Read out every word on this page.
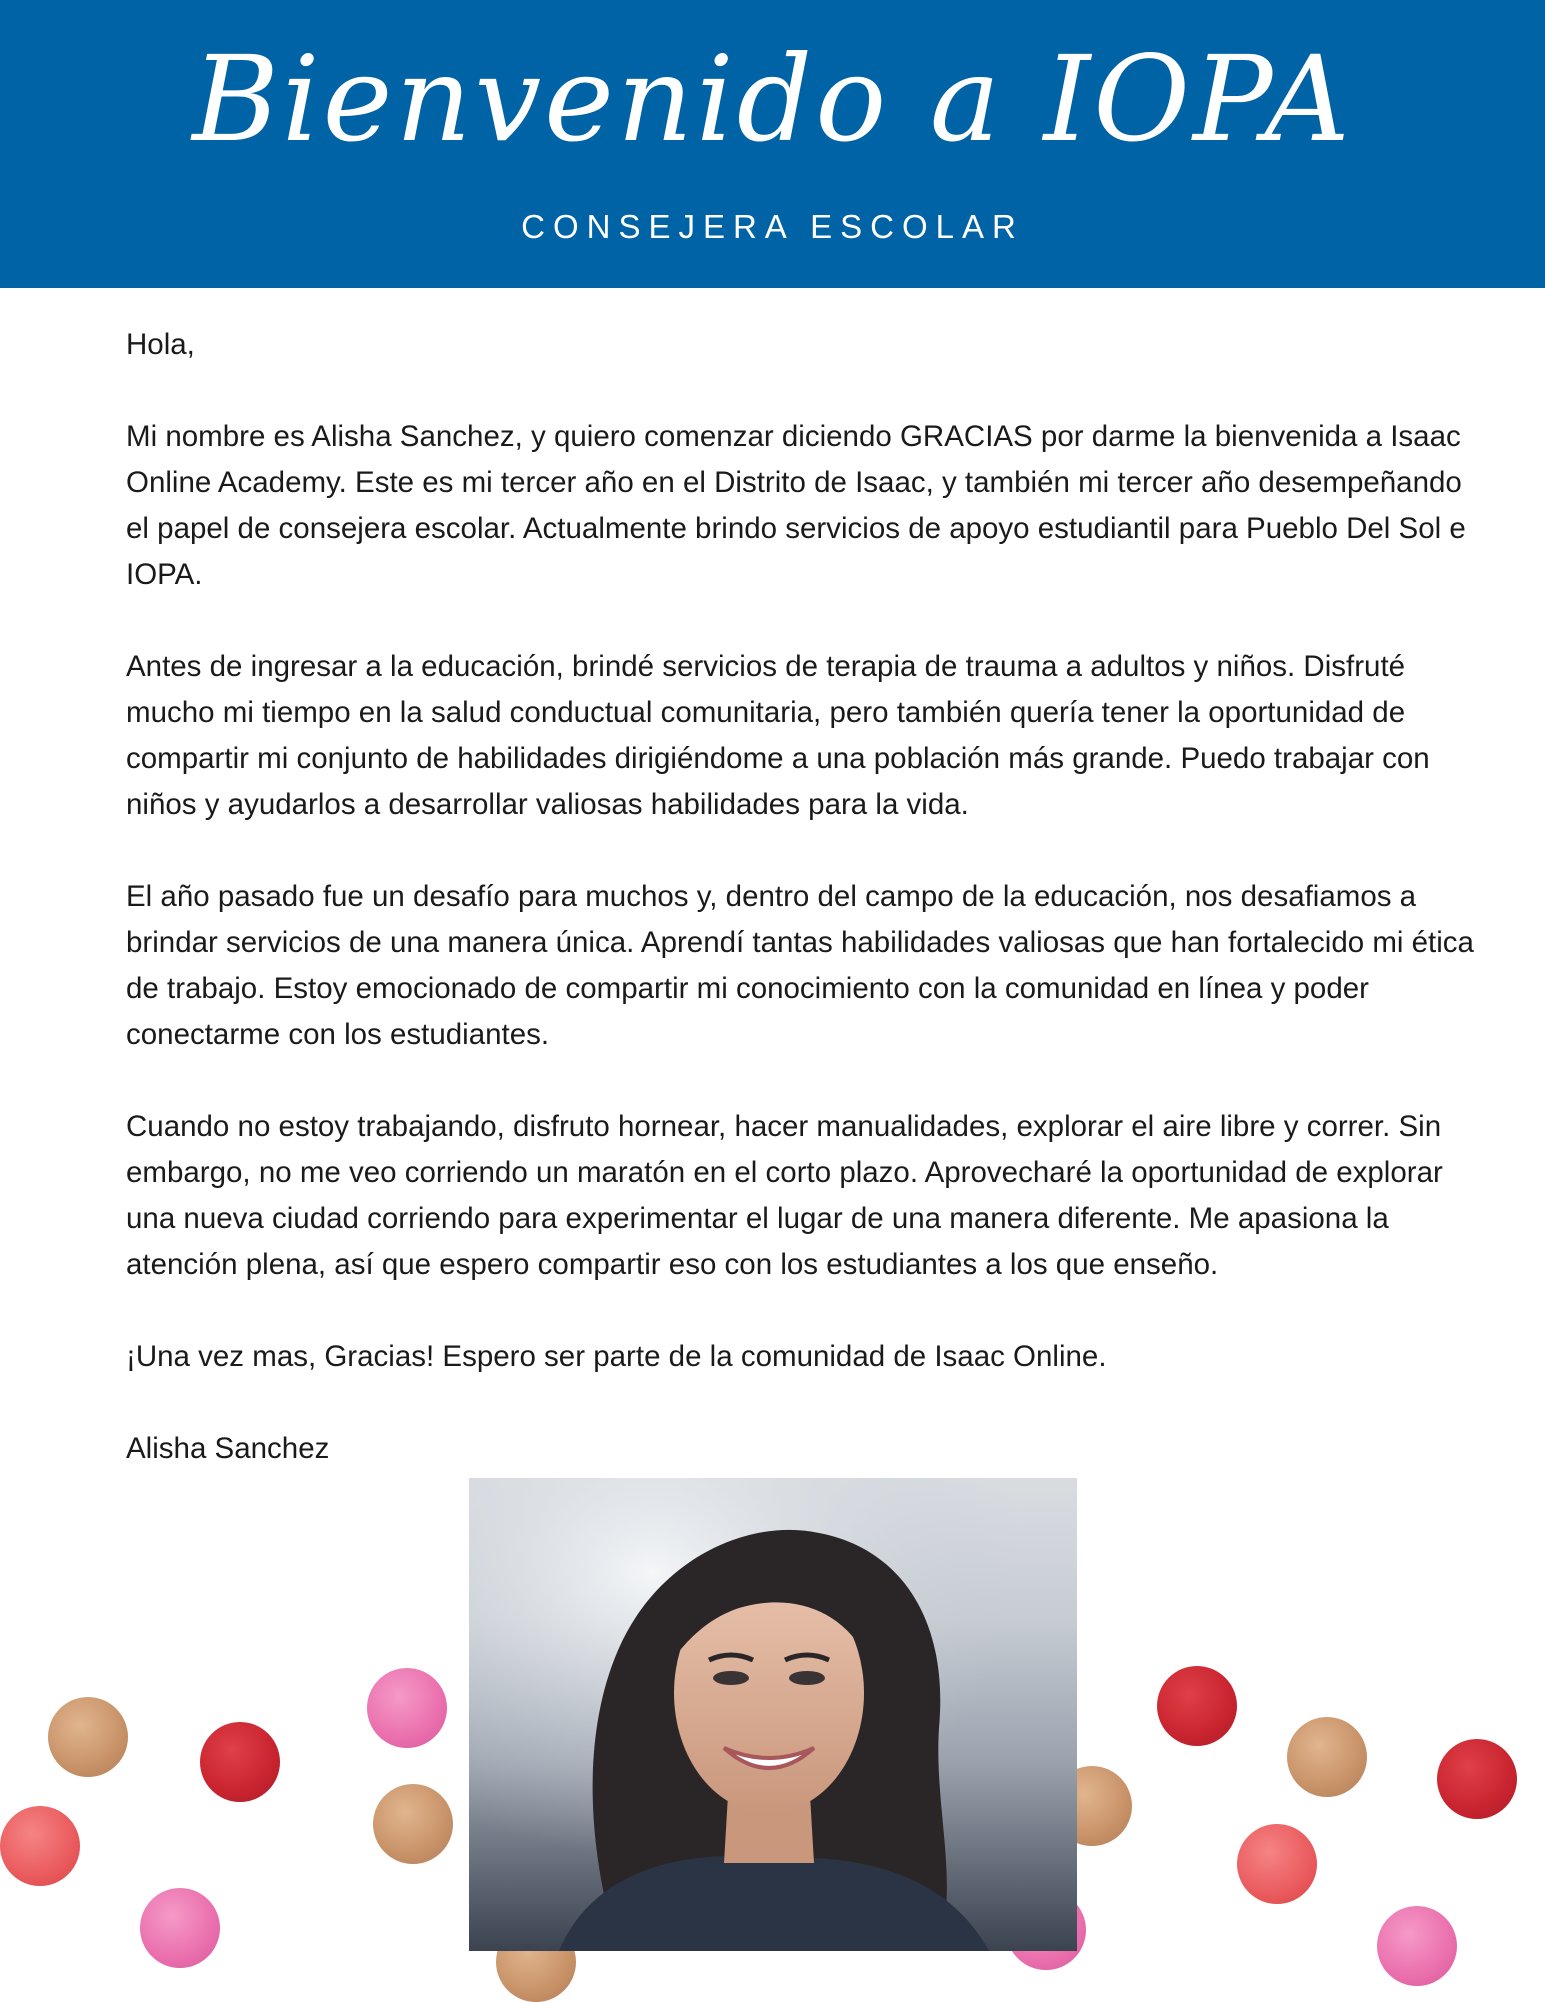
Bienvenido a IOPA
CONSEJERA ESCOLAR

Hola,

Mi nombre es Alisha Sanchez, y quiero comenzar diciendo GRACIAS por darme la bienvenida a Isaac Online Academy. Este es mi tercer año en el Distrito de Isaac, y también mi tercer año desempeñando el papel de consejera escolar. Actualmente brindo servicios de apoyo estudiantil para Pueblo Del Sol e IOPA.

Antes de ingresar a la educación, brindé servicios de terapia de trauma a adultos y niños. Disfruté mucho mi tiempo en la salud conductual comunitaria, pero también quería tener la oportunidad de compartir mi conjunto de habilidades dirigiéndome a una población más grande. Puedo trabajar con niños y ayudarlos a desarrollar valiosas habilidades para la vida.

El año pasado fue un desafío para muchos y, dentro del campo de la educación, nos desafiamos a brindar servicios de una manera única. Aprendí tantas habilidades valiosas que han fortalecido mi ética de trabajo. Estoy emocionado de compartir mi conocimiento con la comunidad en línea y poder conectarme con los estudiantes.

Cuando no estoy trabajando, disfruto hornear, hacer manualidades, explorar el aire libre y correr. Sin embargo, no me veo corriendo un maratón en el corto plazo. Aprovecharé la oportunidad de explorar una nueva ciudad corriendo para experimentar el lugar de una manera diferente. Me apasiona la atención plena, así que espero compartir eso con los estudiantes a los que enseño.

¡Una vez mas, Gracias! Espero ser parte de la comunidad de Isaac Online.

Alisha Sanchez
